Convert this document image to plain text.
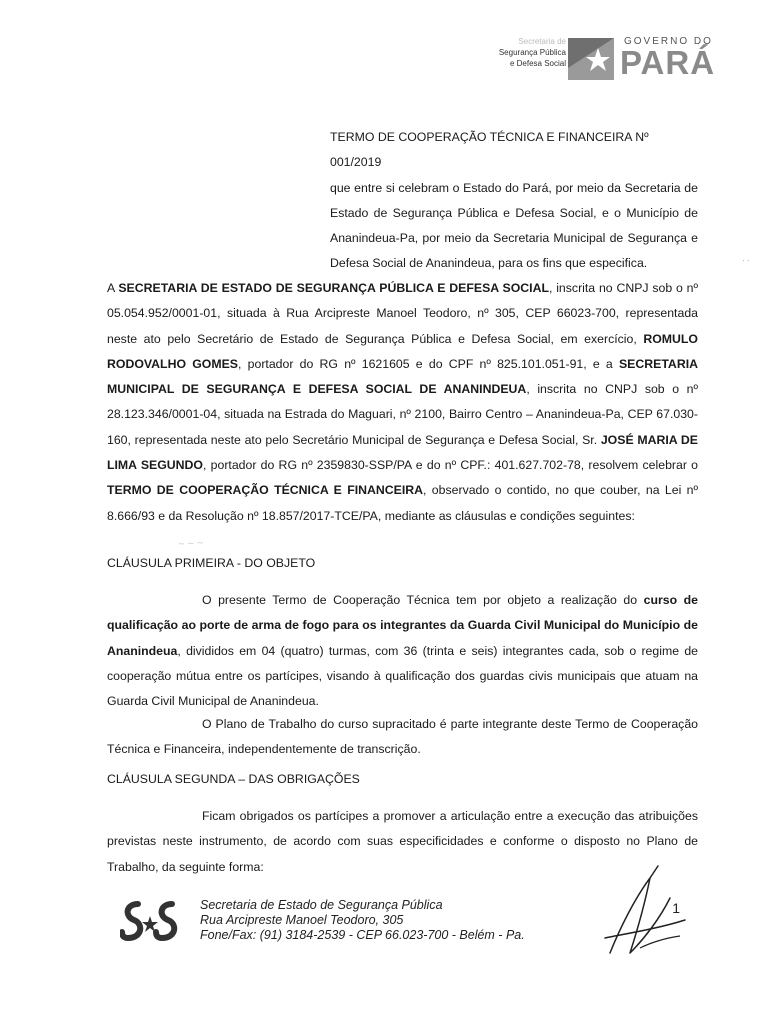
Secretaria de
Segurança Pública
e Defesa Social
GOVERNO DO
PARÁ
TERMO DE COOPERAÇÃO TÉCNICA E FINANCEIRA Nº 001/2019
que entre si celebram o Estado do Pará, por meio da Secretaria de Estado de Segurança Pública e Defesa Social, e o Município de Ananindeua-Pa, por meio da Secretaria Municipal de Segurança e Defesa Social de Ananindeua, para os fins que especifica.	· ·
A SECRETARIA DE ESTADO DE SEGURANÇA PÚBLICA E DEFESA SOCIAL, inscrita no CNPJ sob o nº 05.054.952/0001-01, situada à Rua Arcipreste Manoel Teodoro, nº 305, CEP 66023-700, representada neste ato pelo Secretário de Estado de Segurança Pública e Defesa Social, em exercício, ROMULO RODOVALHO GOMES, portador do RG nº 1621605 e do CPF nº 825.101.051-91, e a SECRETARIA MUNICIPAL DE SEGURANÇA E DEFESA SOCIAL DE ANANINDEUA, inscrita no CNPJ sob o nº 28.123.346/0001-04, situada na Estrada do Maguari, nº 2100, Bairro Centro – Ananindeua-Pa, CEP 67.030-160, representada neste ato pelo Secretário Municipal de Segurança e Defesa Social, Sr. JOSÉ MARIA DE LIMA SEGUNDO, portador do RG nº 2359830-SSP/PA e do nº CPF.: 401.627.702-78, resolvem celebrar o TERMO DE COOPERAÇÃO TÉCNICA E FINANCEIRA, observado o contido, no que couber, na Lei nº 8.666/93 e da Resolução nº 18.857/2017-TCE/PA, mediante as cláusulas e condições seguintes:
~ ~ ~
CLÁUSULA PRIMEIRA - DO OBJETO
O presente Termo de Cooperação Técnica tem por objeto a realização do curso de qualificação ao porte de arma de fogo para os integrantes da Guarda Civil Municipal do Município de Ananindeua, divididos em 04 (quatro) turmas, com 36 (trinta e seis) integrantes cada, sob o regime de cooperação mútua entre os partícipes, visando à qualificação dos guardas civis municipais que atuam na Guarda Civil Municipal de Ananindeua.
O Plano de Trabalho do curso supracitado é parte integrante deste Termo de Cooperação Técnica e Financeira, independentemente de transcrição.
CLÁUSULA SEGUNDA – DAS OBRIGAÇÕES
Ficam obrigados os partícipes a promover a articulação entre a execução das atribuições previstas neste instrumento, de acordo com suas especificidades e conforme o disposto no Plano de Trabalho, da seguinte forma:
Secretaria de Estado de Segurança Pública
Rua Arcipreste Manoel Teodoro, 305
Fone/Fax: (91) 3184-2539 - CEP 66.023-700 - Belém - Pa.
1
